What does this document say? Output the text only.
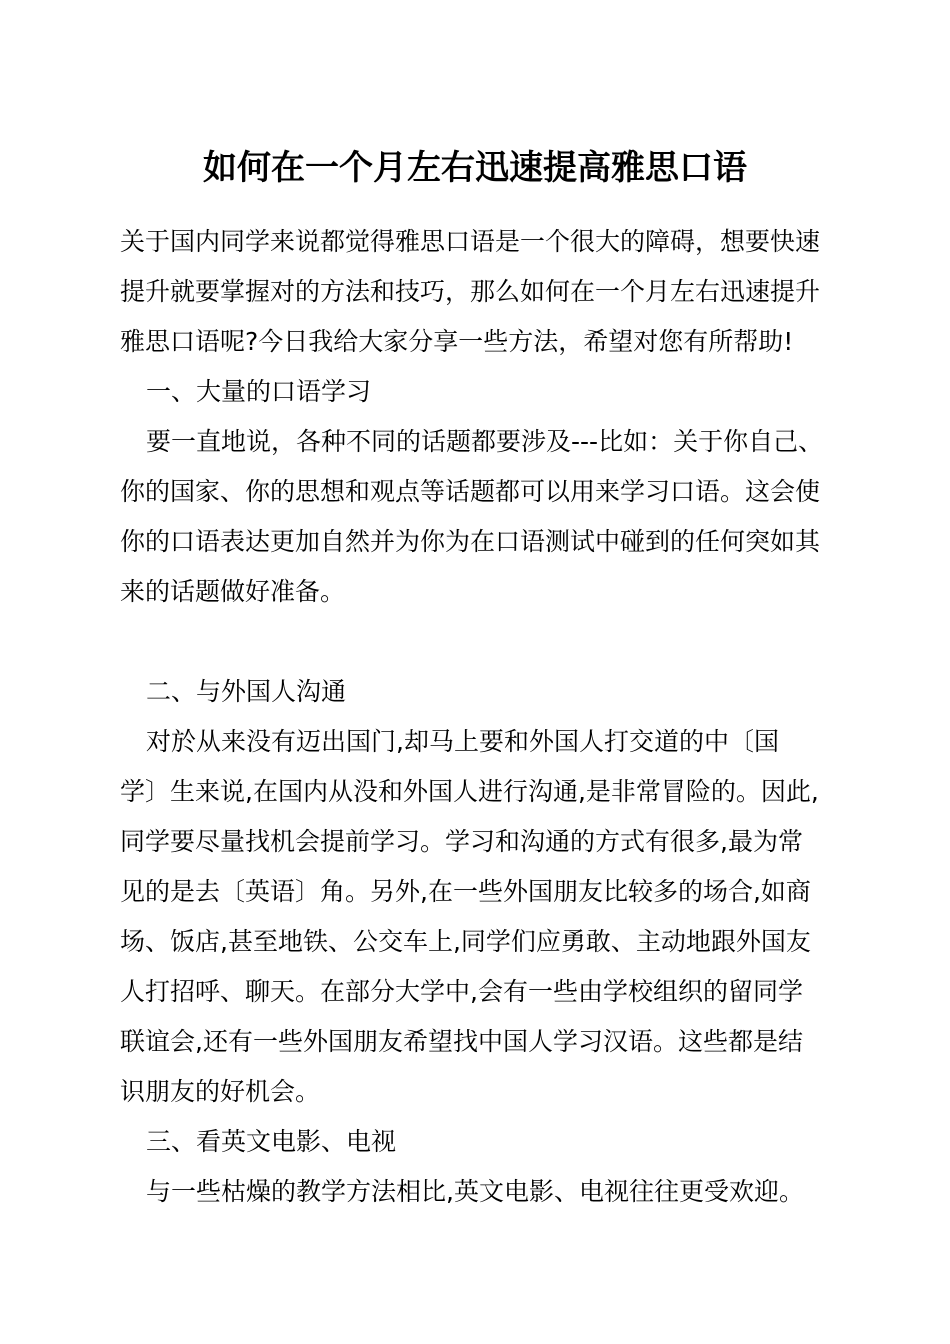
如何在一个月左右迅速提高雅思口语
关于国内同学来说都觉得雅思口语是一个很大的障碍，想要快速
提升就要掌握对的方法和技巧，那么如何在一个月左右迅速提升
雅思口语呢?今日我给大家分享一些方法，希望对您有所帮助!
一、大量的口语学习
要一直地说，各种不同的话题都要涉及---比如：关于你自己、
你的国家、你的思想和观点等话题都可以用来学习口语。这会使
你的口语表达更加自然并为你为在口语测试中碰到的任何突如其
来的话题做好准备。
二、与外国人沟通
对於从来没有迈出国门,却马上要和外国人打交道的中〔国
学〕生来说,在国内从没和外国人进行沟通,是非常冒险的。因此,
同学要尽量找机会提前学习。学习和沟通的方式有很多,最为常
见的是去〔英语〕角。另外,在一些外国朋友比较多的场合,如商
场、饭店,甚至地铁、公交车上,同学们应勇敢、主动地跟外国友
人打招呼、聊天。在部分大学中,会有一些由学校组织的留同学
联谊会,还有一些外国朋友希望找中国人学习汉语。这些都是结
识朋友的好机会。
三、看英文电影、电视
与一些枯燥的教学方法相比,英文电影、电视往往更受欢迎。
